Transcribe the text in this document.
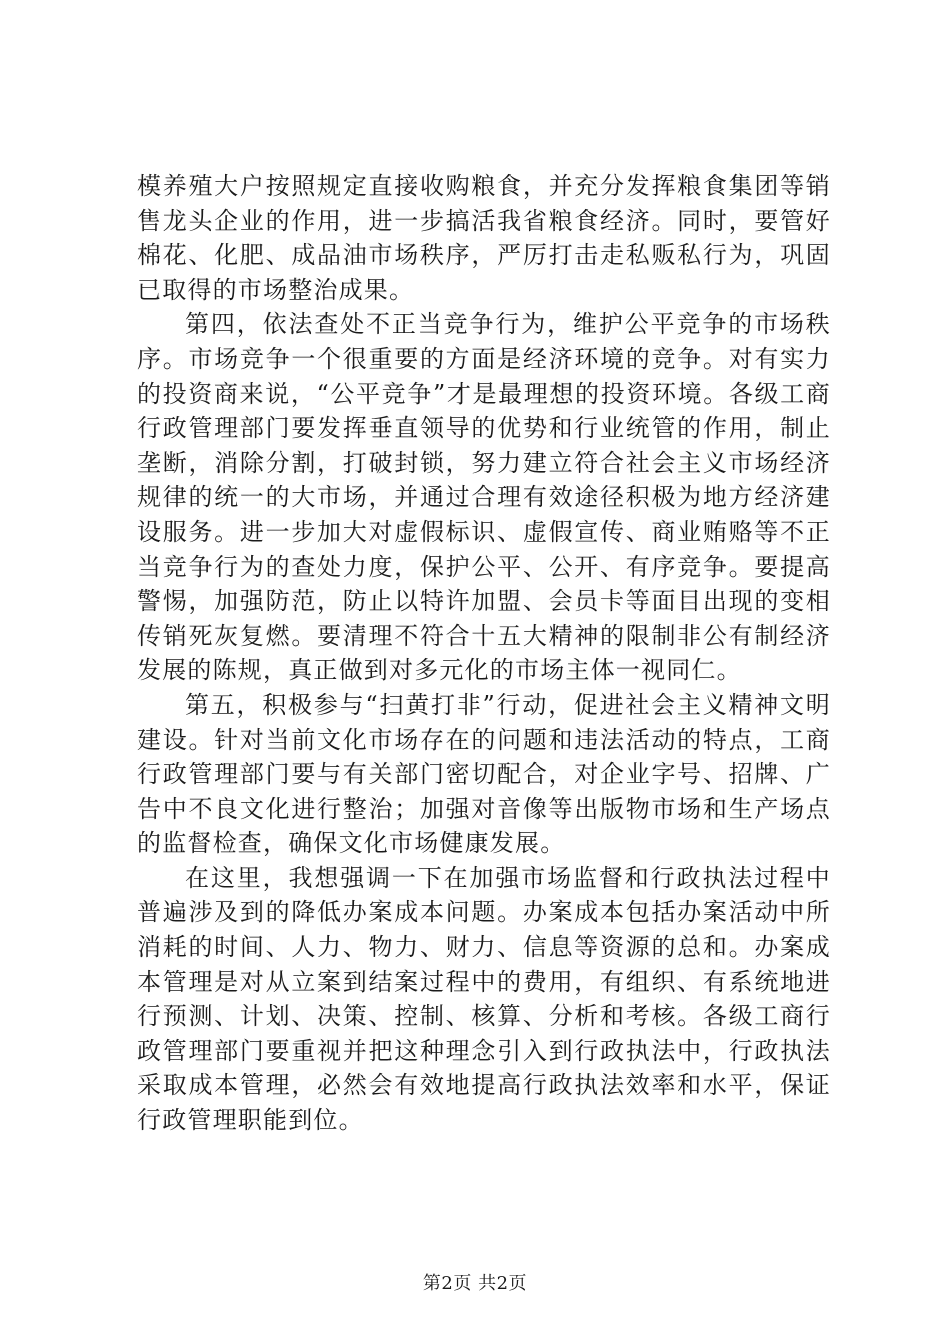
模养殖大户按照规定直接收购粮食，并充分发挥粮食集团等销售龙头企业的作用，进一步搞活我省粮食经济。同时，要管好棉花、化肥、成品油市场秩序，严厉打击走私贩私行为，巩固已取得的市场整治成果。

第四，依法查处不正当竞争行为，维护公平竞争的市场秩序。市场竞争一个很重要的方面是经济环境的竞争。对有实力的投资商来说，“公平竞争”才是最理想的投资环境。各级工商行政管理部门要发挥垂直领导的优势和行业统管的作用，制止垄断，消除分割，打破封锁，努力建立符合社会主义市场经济规律的统一的大市场，并通过合理有效途径积极为地方经济建设服务。进一步加大对虚假标识、虚假宣传、商业贿赂等不正当竞争行为的查处力度，保护公平、公开、有序竞争。要提高警惕，加强防范，防止以特许加盟、会员卡等面目出现的变相传销死灰复燃。要清理不符合十五大精神的限制非公有制经济发展的陈规，真正做到对多元化的市场主体一视同仁。

第五，积极参与“扫黄打非”行动，促进社会主义精神文明建设。针对当前文化市场存在的问题和违法活动的特点，工商行政管理部门要与有关部门密切配合，对企业字号、招牌、广告中不良文化进行整治；加强对音像等出版物市场和生产场点的监督检查，确保文化市场健康发展。

在这里，我想强调一下在加强市场监督和行政执法过程中普遍涉及到的降低办案成本问题。办案成本包括办案活动中所消耗的时间、人力、物力、财力、信息等资源的总和。办案成本管理是对从立案到结案过程中的费用，有组织、有系统地进行预测、计划、决策、控制、核算、分析和考核。各级工商行政管理部门要重视并把这种理念引入到行政执法中，行政执法采取成本管理，必然会有效地提高行政执法效率和水平，保证行政管理职能到位。

第2页 共2页
